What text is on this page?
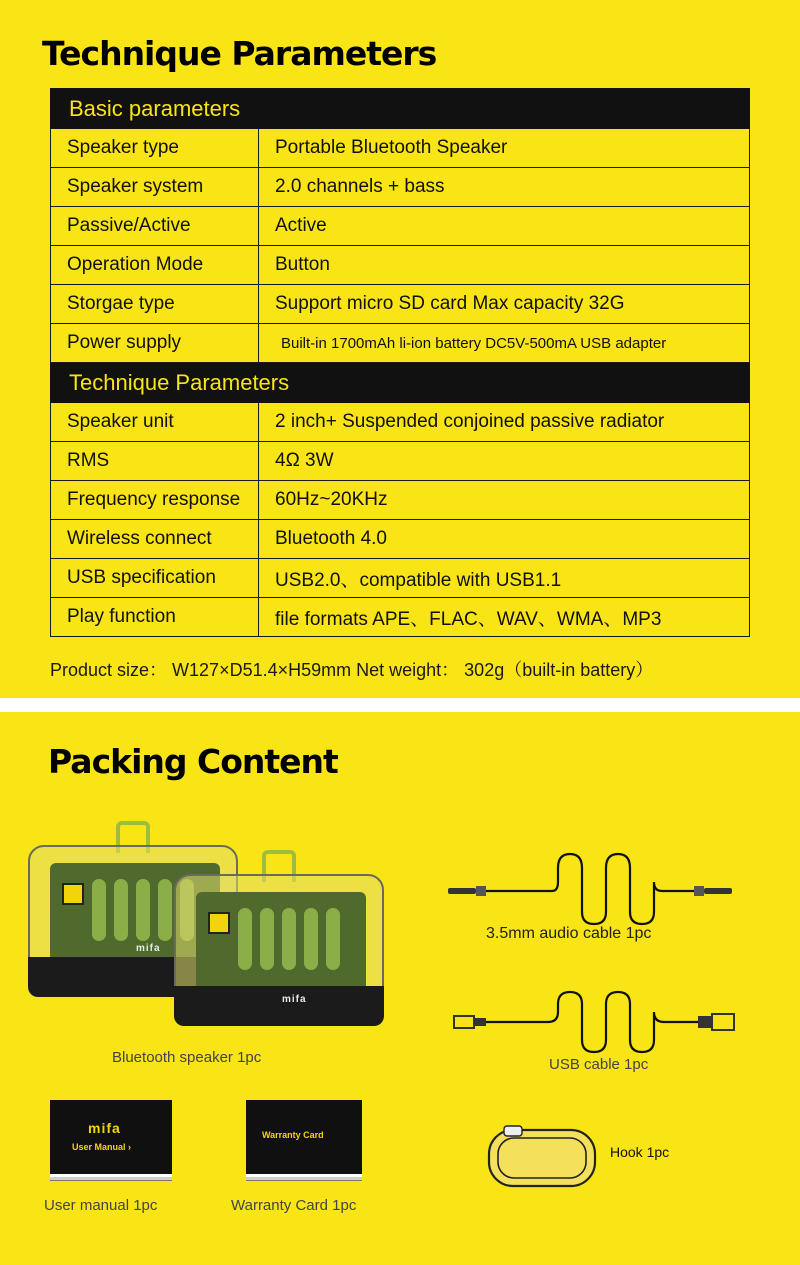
Technique Parameters
Basic parameters	
Speaker type	Portable Bluetooth Speaker
Speaker system	2.0 channels + bass
Passive/Active	Active
Operation Mode	Button
Storgae type	Support micro SD card Max capacity 32G
Power supply	Built-in 1700mAh li-ion battery DC5V-500mA USB adapter
Technique Parameters	
Speaker unit	2 inch+ Suspended conjoined passive radiator
RMS	4Ω 3W
Frequency response	60Hz~20KHz
Wireless connect	Bluetooth 4.0
USB specification	USB2.0、compatible with USB1.1
Play function	file formats APE、FLAC、WAV、WMA、MP3
Product size： W127×D51.4×H59mm Net weight： 302g（built-in battery）
Packing Content
mifa
mifa
Bluetooth speaker 1pc
3.5mm audio cable 1pc
USB cable 1pc
mifa
User Manual ›
User manual 1pc
Warranty Card
Warranty Card 1pc
Hook 1pc
